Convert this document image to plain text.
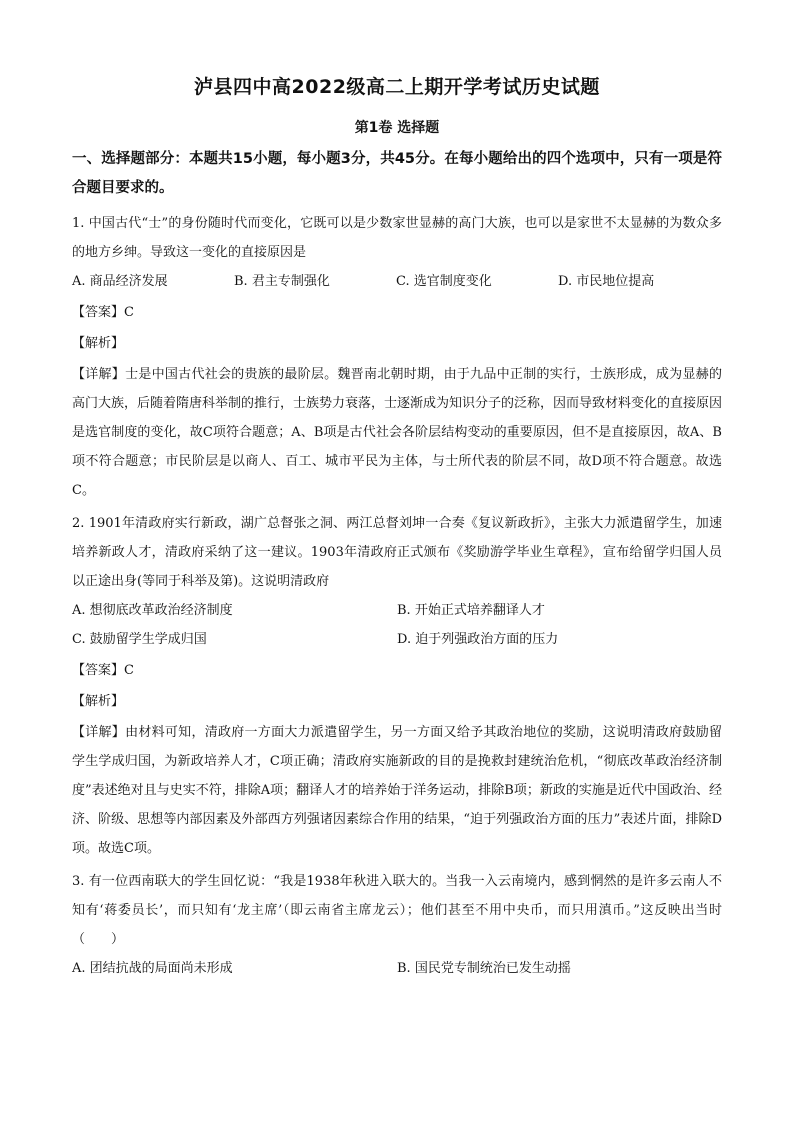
泸县四中高2022级高二上期开学考试历史试题
第1卷 选择题
一、选择题部分：本题共15小题，每小题3分，共45分。在每小题给出的四个选项中，只有一项是符合题目要求的。

1. 中国古代“士”的身份随时代而变化，它既可以是少数家世显赫的高门大族，也可以是家世不太显赫的为数众多的地方乡绅。导致这一变化的直接原因是

A. 商品经济发展	B. 君主专制强化	C. 选官制度变化	D. 市民地位提高
【答案】C
【解析】

【详解】士是中国古代社会的贵族的最阶层。魏晋南北朝时期，由于九品中正制的实行，士族形成，成为显赫的高门大族，后随着隋唐科举制的推行，士族势力衰落，士逐渐成为知识分子的泛称，因而导致材料变化的直接原因是选官制度的变化，故C项符合题意；A、B项是古代社会各阶层结构变动的重要原因，但不是直接原因，故A、B项不符合题意；市民阶层是以商人、百工、城市平民为主体，与士所代表的阶层不同，故D项不符合题意。故选C。

2. 1901年清政府实行新政，湖广总督张之洞、两江总督刘坤一合奏《复议新政折》，主张大力派遣留学生，加速培养新政人才，清政府采纳了这一建议。1903年清政府正式颁布《奖励游学毕业生章程》，宣布给留学归国人员以正途出身(等同于科举及第)。这说明清政府

A. 想彻底改革政治经济制度	B. 开始正式培养翻译人才
C. 鼓励留学生学成归国	D. 迫于列强政治方面的压力
【答案】C
【解析】

【详解】由材料可知，清政府一方面大力派遣留学生，另一方面又给予其政治地位的奖励，这说明清政府鼓励留学生学成归国，为新政培养人才，C项正确；清政府实施新政的目的是挽救封建统治危机，“彻底改革政治经济制度”表述绝对且与史实不符，排除A项；翻译人才的培养始于洋务运动，排除B项；新政的实施是近代中国政治、经济、阶级、思想等内部因素及外部西方列强诸因素综合作用的结果，“迫于列强政治方面的压力”表述片面，排除D项。故选C项。

3. 有一位西南联大的学生回忆说：“我是1938年秋进入联大的。当我一入云南境内，感到惘然的是许多云南人不知有‘蒋委员长’，而只知有‘龙主席’（即云南省主席龙云）；他们甚至不用中央币，而只用滇币。”这反映出当时（　　）

A. 团结抗战的局面尚未形成	B. 国民党专制统治已发生动摇
